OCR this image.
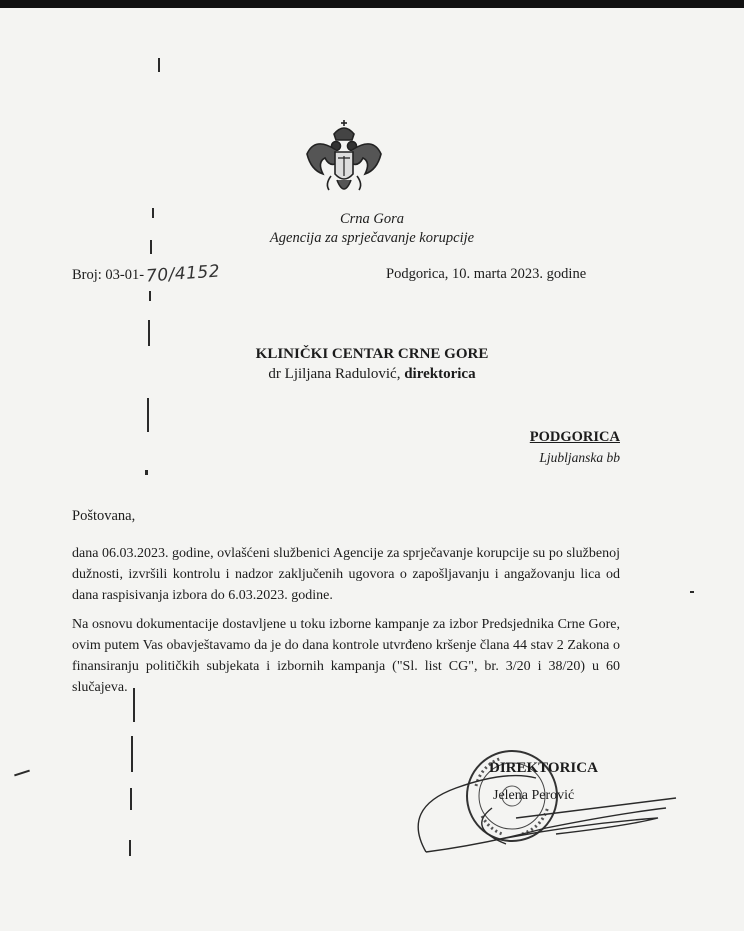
Crna Gora
Agencija za sprječavanje korupcije
Broj: 03-01-70/4152	Podgorica, 10. marta 2023. godine
KLINIČKI CENTAR CRNE GORE
dr Ljiljana Radulović, direktorica
PODGORICA
Ljubljanska bb
Poštovana,
dana 06.03.2023. godine, ovlašćeni službenici Agencije za sprječavanje korupcije su po službenoj dužnosti, izvršili kontrolu i nadzor zaključenih ugovora o zapošljavanju i angažovanju lica od dana raspisivanja izbora do 6.03.2023. godine.
Na osnovu dokumentacije dostavljene u toku izborne kampanje za izbor Predsjednika Crne Gore, ovim putem Vas obavještavamo da je do dana kontrole utvrđeno kršenje člana 44 stav 2 Zakona o finansiranju političkih subjekata i izbornih kampanja ("Sl. list CG", br. 3/20 i 38/20) u 60 slučajeva.
DIREKTORICA
Jelena Perović
